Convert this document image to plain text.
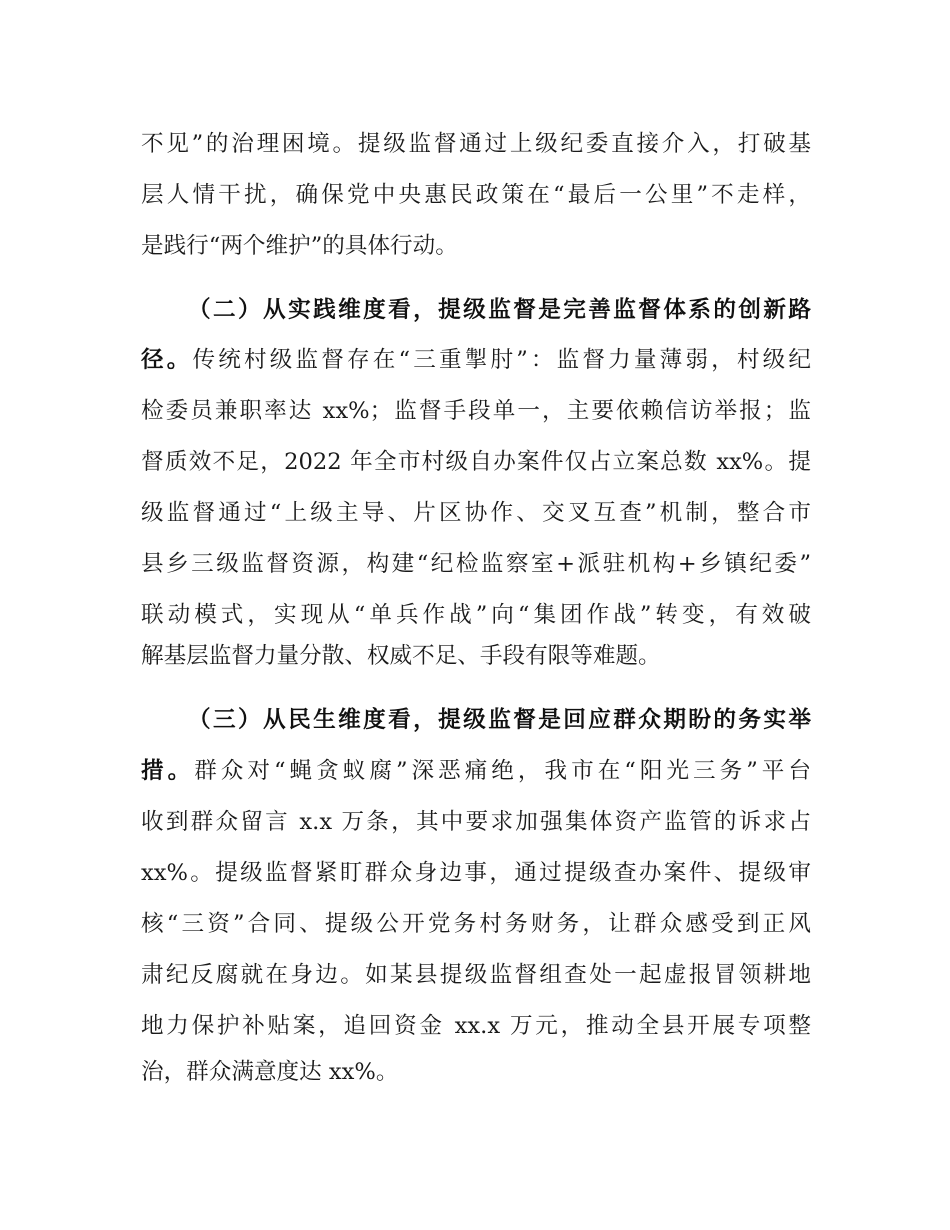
不见”的治理困境。提级监督通过上级纪委直接介入，打破基
层人情干扰，确保党中央惠民政策在“最后一公里”不走样，
是践行“两个维护”的具体行动。
（二）从实践维度看，提级监督是完善监督体系的创新路
径。传统村级监督存在“三重掣肘”：监督力量薄弱，村级纪
检委员兼职率达 xx%；监督手段单一，主要依赖信访举报；监
督质效不足，2022 年全市村级自办案件仅占立案总数 xx%。提
级监督通过“上级主导、片区协作、交叉互查”机制，整合市
县乡三级监督资源，构建“纪检监察室+派驻机构+乡镇纪委”
联动模式，实现从“单兵作战”向“集团作战”转变，有效破
解基层监督力量分散、权威不足、手段有限等难题。
（三）从民生维度看，提级监督是回应群众期盼的务实举
措。群众对“蝇贪蚁腐”深恶痛绝，我市在“阳光三务”平台
收到群众留言 x.x 万条，其中要求加强集体资产监管的诉求占
xx%。提级监督紧盯群众身边事，通过提级查办案件、提级审
核“三资”合同、提级公开党务村务财务，让群众感受到正风
肃纪反腐就在身边。如某县提级监督组查处一起虚报冒领耕地
地力保护补贴案，追回资金 xx.x 万元，推动全县开展专项整
治，群众满意度达 xx%。
